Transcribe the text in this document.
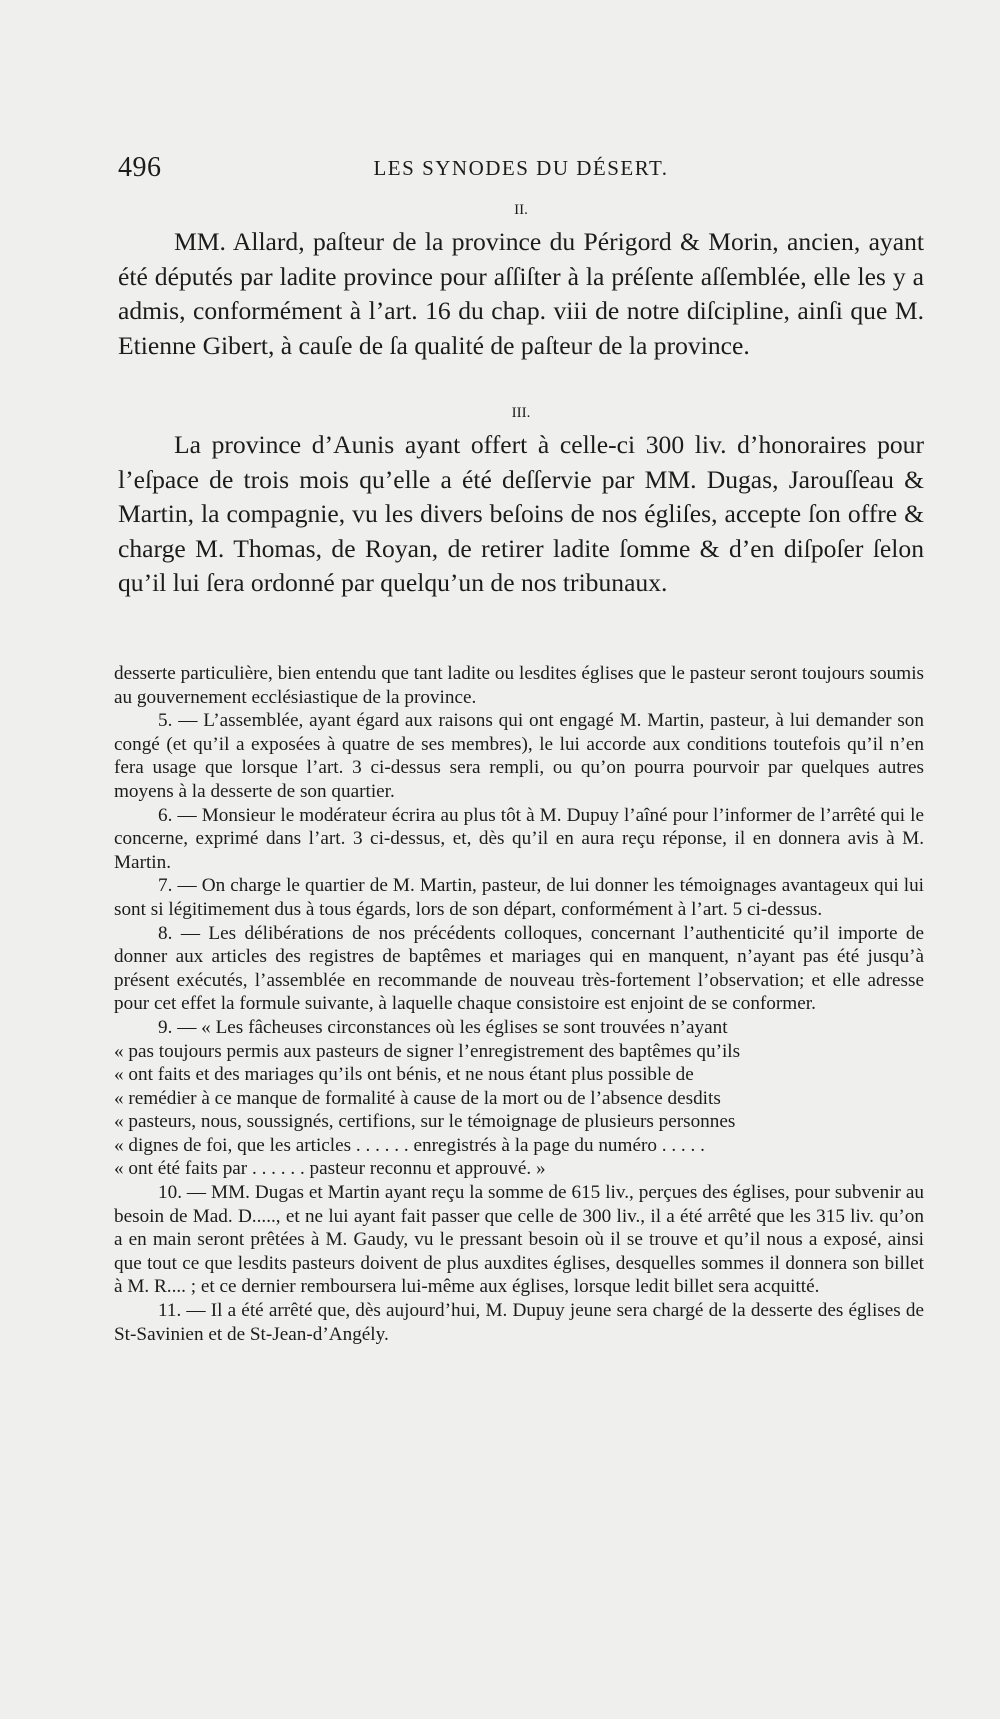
496	LES SYNODES DU DÉSERT.

II.

MM. Allard, paſteur de la province du Périgord & Morin, ancien, ayant été députés par ladite province pour aſſiſter à la préſente aſſemblée, elle les y a admis, conformément à l’art. 16 du chap. viii de notre diſcipline, ainſi que M. Etienne Gibert, à cauſe de ſa qualité de paſteur de la province.

III.

La province d’Aunis ayant offert à celle-ci 300 liv. d’honoraires pour l’eſpace de trois mois qu’elle a été deſſervie par MM. Dugas, Jarouſſeau & Martin, la compagnie, vu les divers beſoins de nos égliſes, accepte ſon offre & charge M. Thomas, de Royan, de retirer ladite ſomme & d’en diſpoſer ſelon qu’il lui ſera ordonné par quelqu’un de nos tribunaux.

desserte particulière, bien entendu que tant ladite ou lesdites églises que le pasteur seront toujours soumis au gouvernement ecclésiastique de la province.

5. — L’assemblée, ayant égard aux raisons qui ont engagé M. Martin, pasteur, à lui demander son congé (et qu’il a exposées à quatre de ses membres), le lui accorde aux conditions toutefois qu’il n’en fera usage que lorsque l’art. 3 ci-dessus sera rempli, ou qu’on pourra pourvoir par quelques autres moyens à la desserte de son quartier.

6. — Monsieur le modérateur écrira au plus tôt à M. Dupuy l’aîné pour l’informer de l’arrêté qui le concerne, exprimé dans l’art. 3 ci-dessus, et, dès qu’il en aura reçu réponse, il en donnera avis à M. Martin.

7. — On charge le quartier de M. Martin, pasteur, de lui donner les témoignages avantageux qui lui sont si légitimement dus à tous égards, lors de son départ, conformément à l’art. 5 ci-dessus.

8. — Les délibérations de nos précédents colloques, concernant l’authenticité qu’il importe de donner aux articles des registres de baptêmes et mariages qui en manquent, n’ayant pas été jusqu’à présent exécutés, l’assemblée en recommande de nouveau très-fortement l’observation; et elle adresse pour cet effet la formule suivante, à laquelle chaque consistoire est enjoint de se conformer.

9. — « Les fâcheuses circonstances où les églises se sont trouvées n’ayant

« pas toujours permis aux pasteurs de signer l’enregistrement des baptêmes qu’ils

« ont faits et des mariages qu’ils ont bénis, et ne nous étant plus possible de

« remédier à ce manque de formalité à cause de la mort ou de l’absence desdits

« pasteurs, nous, soussignés, certifions, sur le témoignage de plusieurs personnes

« dignes de foi, que les articles . . . . . . enregistrés à la page du numéro . . . . .

« ont été faits par . . . . . . pasteur reconnu et approuvé. »

10. — MM. Dugas et Martin ayant reçu la somme de 615 liv., perçues des églises, pour subvenir au besoin de Mad. D....., et ne lui ayant fait passer que celle de 300 liv., il a été arrêté que les 315 liv. qu’on a en main seront prêtées à M. Gaudy, vu le pressant besoin où il se trouve et qu’il nous a exposé, ainsi que tout ce que lesdits pasteurs doivent de plus auxdites églises, desquelles sommes il donnera son billet à M. R.... ; et ce dernier remboursera lui-même aux églises, lorsque ledit billet sera acquitté.

11. — Il a été arrêté que, dès aujourd’hui, M. Dupuy jeune sera chargé de la desserte des églises de St-Savinien et de St-Jean-d’Angély.
